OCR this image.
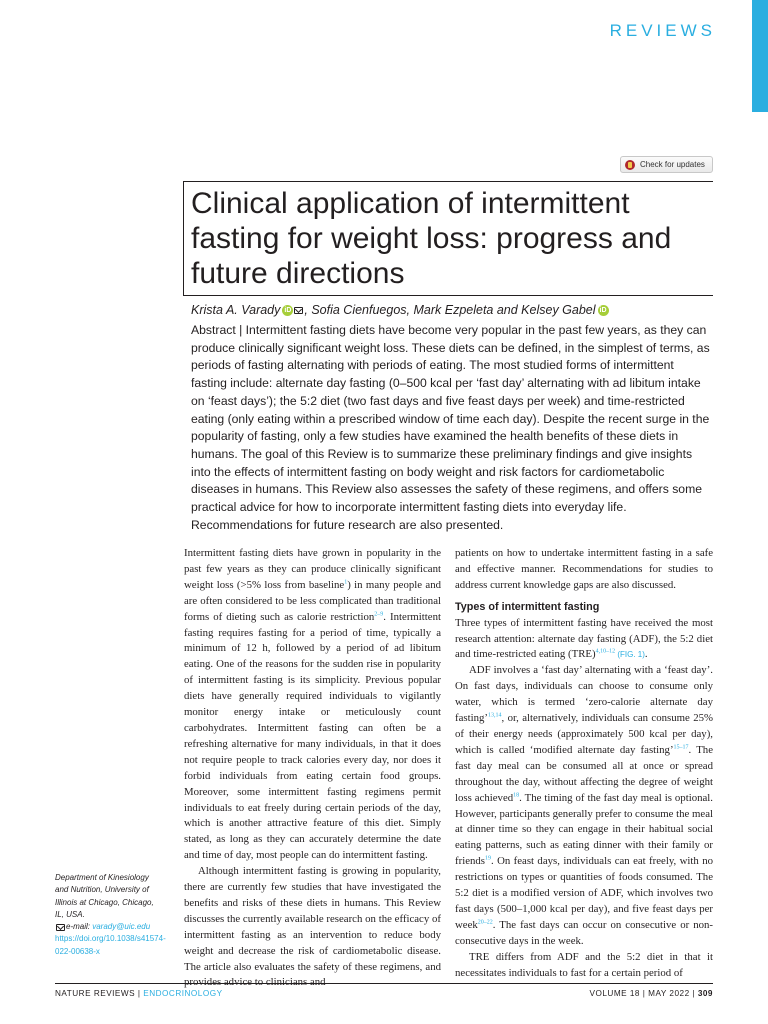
REVIEWS
Check for updates
Clinical application of intermittent fasting for weight loss: progress and future directions
Krista A. Varady iD , Sofia Cienfuegos, Mark Ezpeleta and Kelsey Gabel iD

Abstract | Intermittent fasting diets have become very popular in the past few years, as they can produce clinically significant weight loss. These diets can be defined, in the simplest of terms, as periods of fasting alternating with periods of eating. The most studied forms of intermittent fasting include: alternate day fasting (0–500 kcal per ‘fast day’ alternating with ad libitum intake on ‘feast days’); the 5:2 diet (two fast days and five feast days per week) and time-restricted eating (only eating within a prescribed window of time each day). Despite the recent surge in the popularity of fasting, only a few studies have examined the health benefits of these diets in humans. The goal of this Review is to summarize these preliminary findings and give insights into the effects of intermittent fasting on body weight and risk factors for cardiometabolic diseases in humans. This Review also assesses the safety of these regimens, and offers some practical advice for how to incorporate intermittent fasting diets into everyday life. Recommendations for future research are also presented.

Intermittent fasting diets have grown in popularity in the past few years as they can produce clinically significant weight loss (>5% loss from baseline$^1$) in many people and are often considered to be less complicated than traditional forms of dieting such as calorie restriction$^{2-9}$. Intermittent fasting requires fasting for a period of time, typically a minimum of 12 h, followed by a period of ad libitum eating. One of the reasons for the sudden rise in popularity of intermittent fasting is its simplicity. Previous popular diets have generally required individuals to vigilantly monitor energy intake or meticulously count carbohydrates. Intermittent fasting can often be a refreshing alternative for many individuals, in that it does not require people to track calories every day, nor does it forbid individuals from eating certain food groups. Moreover, some intermittent fasting regimens permit individuals to eat freely during certain periods of the day, which is another attractive feature of this diet. Simply stated, as long as they can accurately determine the date and time of day, most people can do intermittent fasting.

Although intermittent fasting is growing in popularity, there are currently few studies that have investigated the benefits and risks of these diets in humans. This Review discusses the currently available research on the efficacy of intermittent fasting as an intervention to reduce body weight and decrease the risk of cardiometabolic disease. The article also evaluates the safety of these regimens, and

patients on how to undertake intermittent fasting in a safe and effective manner. Recommendations for studies to address current knowledge gaps are also discussed.

Types of intermittent fasting

Three types of intermittent fasting have received the most research attention: alternate day fasting (ADF), the 5:2 diet and time-restricted eating (TRE)$^{4,10-12}$ (FIG. 1).

ADF involves a ‘fast day’ alternating with a ‘feast day’. On fast days, individuals can choose to consume only water, which is termed ‘zero-calorie alternate day fasting’$^{13,14}$, or, alternatively, individuals can consume 25% of their energy needs (approximately 500 kcal per day), which is called ‘modified alternate day fasting’$^{15-17}$. The fast day meal can be consumed all at once or spread throughout the day, without affecting the degree of weight loss achieved$^{18}$. The timing of the fast day meal is optional. However, participants generally prefer to consume the meal at dinner time so they can engage in their habitual social eating patterns, such as eating dinner with their family or friends$^{19}$. On feast days, individuals can eat freely, with no restrictions on types or quantities of foods consumed. The 5:2 diet is a modified version of ADF, which involves two fast days (500–1,000 kcal per day), and five feast days per week$^{20-22}$. The fast days can occur on consecutive or non-consecutive days in the week.

TRE differs from ADF and the 5:2 diet in that it necessitates individuals to fast for a certain period of

Department of Kinesiology and Nutrition, University of Illinois at Chicago, Chicago, IL, USA.
e-mail: varady@uic.edu
https://doi.org/10.1038/s41574-022-00638-x
NATURE REVIEWS | ENDOCRINOLOGY	VOLUME 18 | MAY 2022 | 309
